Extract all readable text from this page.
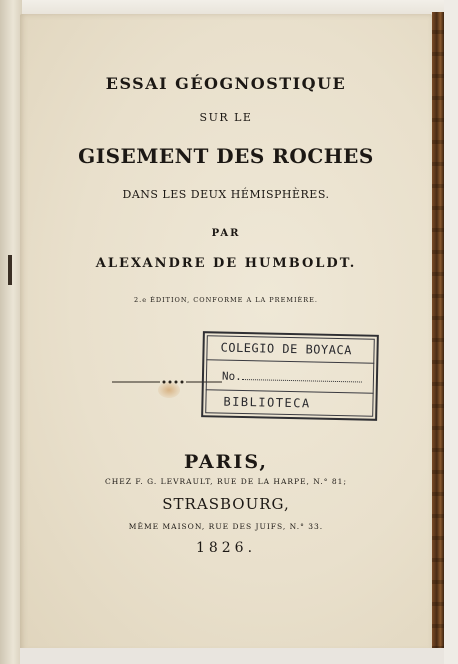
ESSAI GÉOGNOSTIQUE
SUR LE
GISEMENT DES ROCHES
DANS LES DEUX HÉMISPHÈRES.
PAR
ALEXANDRE DE HUMBOLDT.
2.e ÉDITION, CONFORME A LA PREMIÈRE.
COLEGIO DE BOYACA
No.
BIBLIOTECA
PARIS,
CHEZ F. G. LEVRAULT, RUE DE LA HARPE, N.° 81;
STRASBOURG,
MÊME MAISON, RUE DES JUIFS, N.° 33.
1826.
